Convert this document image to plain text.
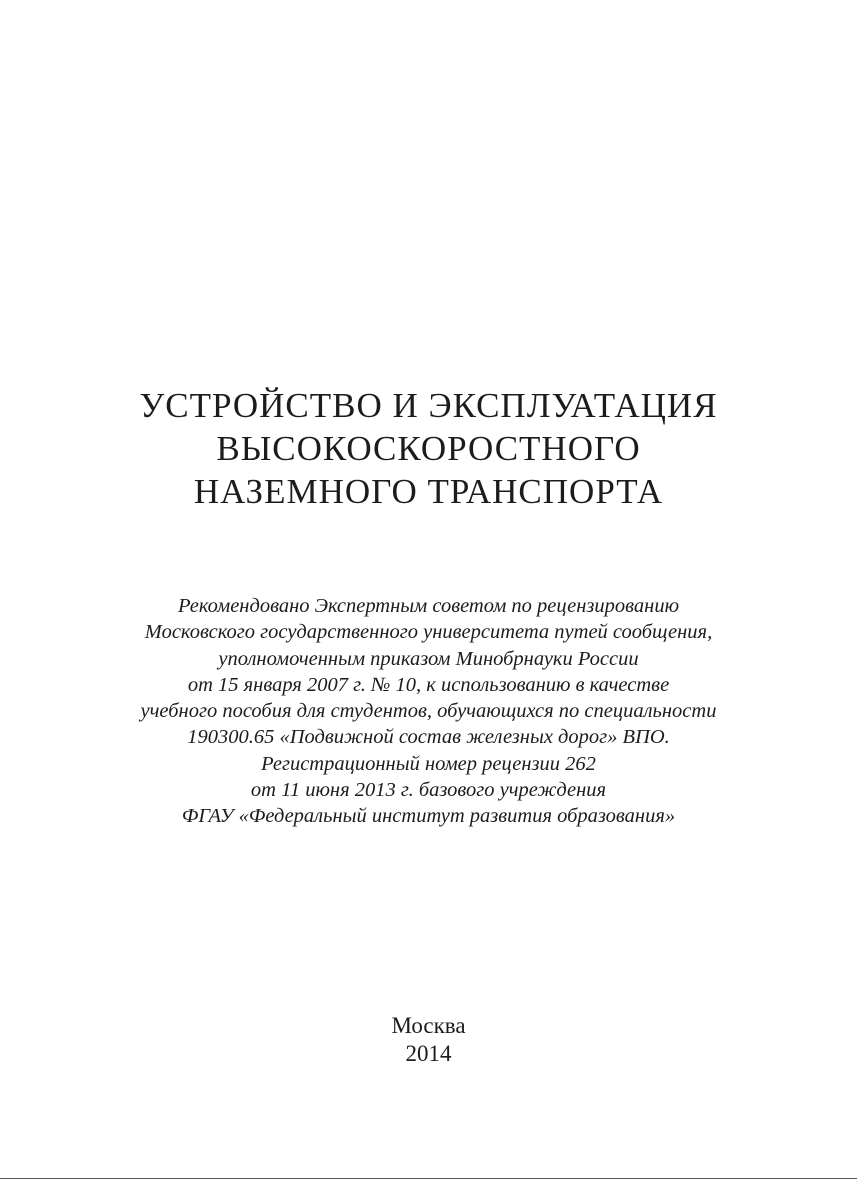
УСТРОЙСТВО И ЭКСПЛУАТАЦИЯ
ВЫСОКОСКОРОСТНОГО
НАЗЕМНОГО ТРАНСПОРТА
Рекомендовано Экспертным советом по рецензированию
Московского государственного университета путей сообщения,
уполномоченным приказом Минобрнауки России
от 15 января 2007 г. № 10, к использованию в качестве
учебного пособия для студентов, обучающихся по специальности
190300.65 «Подвижной состав железных дорог» ВПО.
Регистрационный номер рецензии 262
от 11 июня 2013 г. базового учреждения
ФГАУ «Федеральный институт развития образования»
Москва
2014
